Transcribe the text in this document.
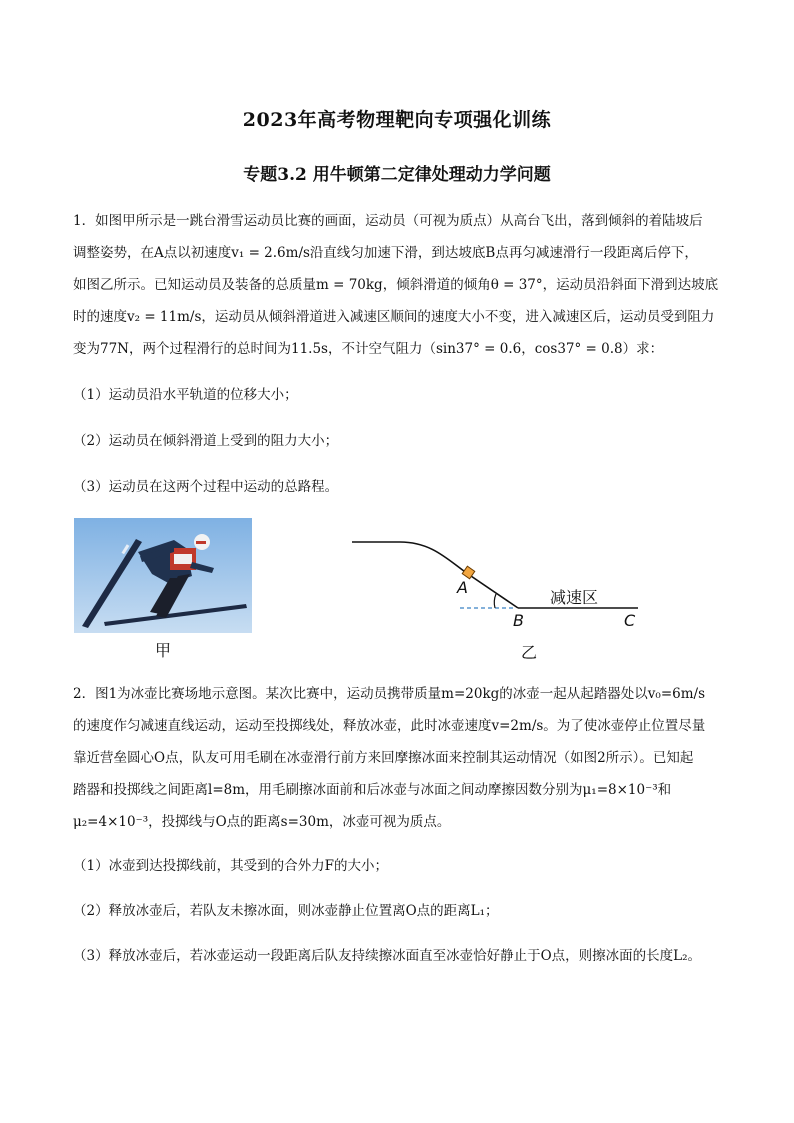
2023年高考物理靶向专项强化训练
专题3.2 用牛顿第二定律处理动力学问题
1．如图甲所示是一跳台滑雪运动员比赛的画面，运动员（可视为质点）从高台飞出，落到倾斜的着陆坡后
调整姿势，在A点以初速度v₁ = 2.6m/s沿直线匀加速下滑，到达坡底B点再匀减速滑行一段距离后停下，
如图乙所示。已知运动员及装备的总质量m = 70kg，倾斜滑道的倾角θ = 37°，运动员沿斜面下滑到达坡底
时的速度v₂ = 11m/s，运动员从倾斜滑道进入减速区顺间的速度大小不变，进入减速区后，运动员受到阻力
变为77N，两个过程滑行的总时间为11.5s，不计空气阻力（sin37° = 0.6，cos37° = 0.8）求：
（1）运动员沿水平轨道的位移大小；
（2）运动员在倾斜滑道上受到的阻力大小；
（3）运动员在这两个过程中运动的总路程。
甲
A
B	C
减速区
乙
2．图1为冰壶比赛场地示意图。某次比赛中，运动员携带质量m=20kg的冰壶一起从起踏器处以v₀=6m/s
的速度作匀减速直线运动，运动至投掷线处，释放冰壶，此时冰壶速度v=2m/s。为了使冰壶停止位置尽量
靠近营垒圆心O点，队友可用毛刷在冰壶滑行前方来回摩擦冰面来控制其运动情况（如图2所示）。已知起
踏器和投掷线之间距离l=8m，用毛刷擦冰面前和后冰壶与冰面之间动摩擦因数分别为μ₁=8×10⁻³和
μ₂=4×10⁻³，投掷线与O点的距离s=30m，冰壶可视为质点。
（1）冰壶到达投掷线前，其受到的合外力F的大小；
（2）释放冰壶后，若队友未擦冰面，则冰壶静止位置离O点的距离L₁；
（3）释放冰壶后，若冰壶运动一段距离后队友持续擦冰面直至冰壶恰好静止于O点，则擦冰面的长度L₂。
